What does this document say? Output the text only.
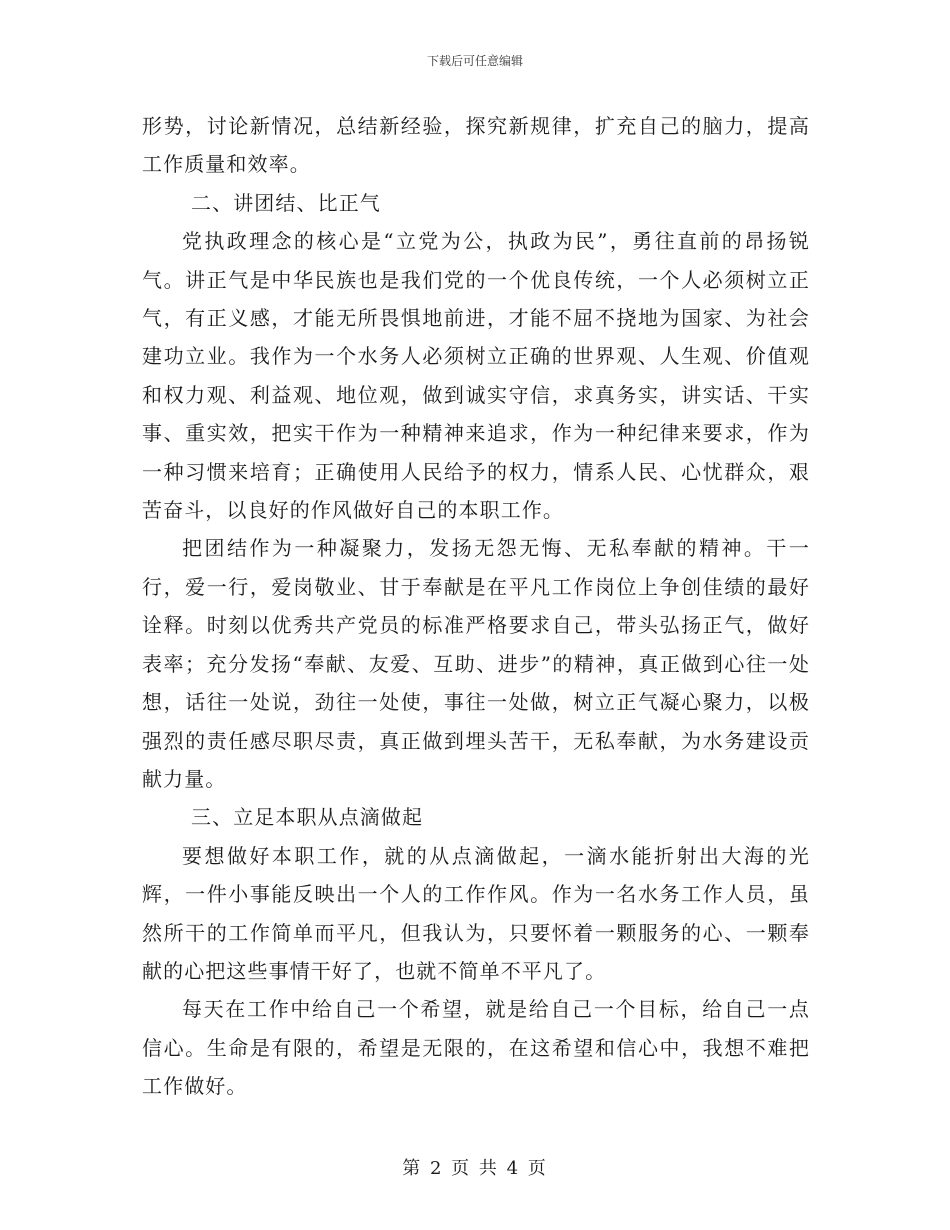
下载后可任意编辑

形势，讨论新情况，总结新经验，探究新规律，扩充自己的脑力，提高工作质量和效率。

二、讲团结、比正气

党执政理念的核心是“立党为公，执政为民”，勇往直前的昂扬锐气。讲正气是中华民族也是我们党的一个优良传统，一个人必须树立正气，有正义感，才能无所畏惧地前进，才能不屈不挠地为国家、为社会建功立业。我作为一个水务人必须树立正确的世界观、人生观、价值观和权力观、利益观、地位观，做到诚实守信，求真务实，讲实话、干实事、重实效，把实干作为一种精神来追求，作为一种纪律来要求，作为一种习惯来培育；正确使用人民给予的权力，情系人民、心忧群众，艰苦奋斗，以良好的作风做好自己的本职工作。

把团结作为一种凝聚力，发扬无怨无悔、无私奉献的精神。干一行，爱一行，爱岗敬业、甘于奉献是在平凡工作岗位上争创佳绩的最好诠释。时刻以优秀共产党员的标准严格要求自己，带头弘扬正气，做好表率；充分发扬“奉献、友爱、互助、进步”的精神，真正做到心往一处想，话往一处说，劲往一处使，事往一处做，树立正气凝心聚力，以极强烈的责任感尽职尽责，真正做到埋头苦干，无私奉献，为水务建设贡献力量。

三、立足本职从点滴做起

要想做好本职工作，就的从点滴做起，一滴水能折射出大海的光辉，一件小事能反映出一个人的工作作风。作为一名水务工作人员，虽然所干的工作简单而平凡，但我认为，只要怀着一颗服务的心、一颗奉献的心把这些事情干好了，也就不简单不平凡了。

每天在工作中给自己一个希望，就是给自己一个目标，给自己一点信心。生命是有限的，希望是无限的，在这希望和信心中，我想不难把工作做好。

第 2 页 共 4 页
